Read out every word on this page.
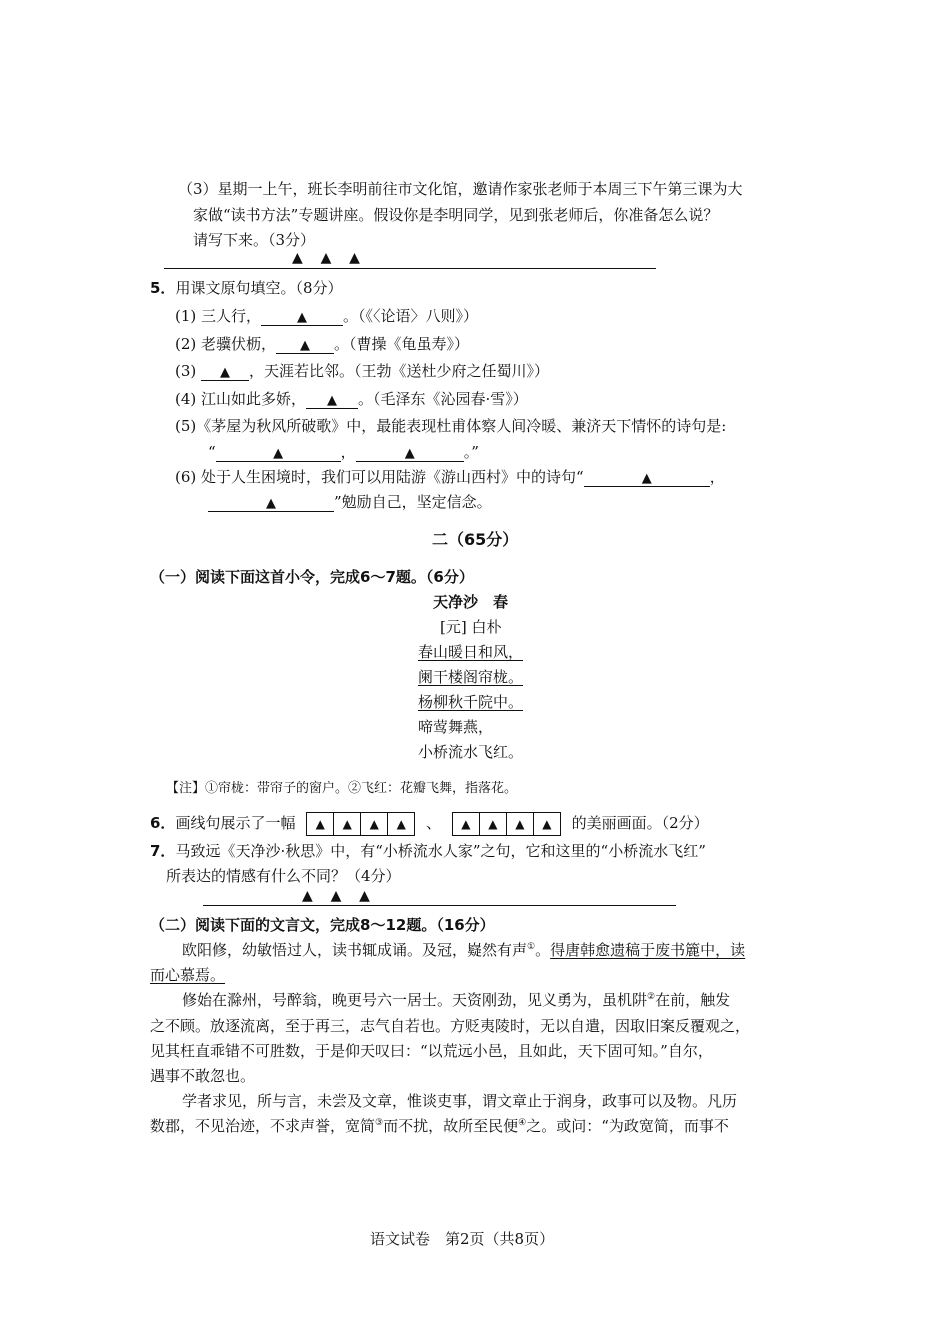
（3）星期一上午，班长李明前往市文化馆，邀请作家张老师于本周三下午第三课为大
家做“读书方法”专题讲座。假设你是李明同学，见到张老师后，你准备怎么说？
请写下来。（3分）
▲    ▲    ▲
5．用课文原句填空。（8分）
(1) 三人行，	▲ 。（《〈论语〉八则》）
(2) 老骥伏枥， ▲ 。（曹操《龟虽寿》）
(3) ▲ ，天涯若比邻。（王勃《送杜少府之任蜀川》）
(4) 江山如此多娇， ▲ 。（毛泽东《沁园春·雪》）
(5)《茅屋为秋风所破歌》中，最能表现杜甫体察人间冷暖、兼济天下情怀的诗句是:
“	▲	，	▲	。”
(6) 处于人生困境时，我们可以用陆游《游山西村》中的诗句“	▲	，
▲	”勉励自己，坚定信念。
二（65分）
（一）阅读下面这首小令，完成6～7题。（6分）
天净沙　春
[元] 白朴
春山暖日和风，
阑干楼阁帘栊。
杨柳秋千院中。
啼莺舞燕，
小桥流水飞红。
【注】①帘栊：带帘子的窗户。②飞红：花瓣飞舞，指落花。
6．画线句展示了一幅 ▲ ▲ ▲ ▲ 、 ▲ ▲ ▲ ▲ 的美丽画面。（2分）
7．马致远《天净沙·秋思》中，有“小桥流水人家”之句，它和这里的“小桥流水飞红”
所表达的情感有什么不同？（4分）
▲    ▲    ▲
（二）阅读下面的文言文，完成8～12题。（16分）
欧阳修，幼敏悟过人，读书辄成诵。及冠，嶷然有声①。得唐韩愈遗稿于废书簏中，读
而心慕焉。
修始在滁州，号醉翁，晚更号六一居士。天资刚劲，见义勇为，虽机阱②在前，触发
之不顾。放逐流离，至于再三，志气自若也。方贬夷陵时，无以自遣，因取旧案反覆观之，
见其枉直乖错不可胜数，于是仰天叹曰：“以荒远小邑，且如此，天下固可知。”自尔，
遇事不敢忽也。
学者求见，所与言，未尝及文章，惟谈吏事，谓文章止于润身，政事可以及物。凡历
数郡，不见治迹，不求声誉，宽简③而不扰，故所至民便④之。或问：“为政宽简，而事不
语文试卷　第2页（共8页）
